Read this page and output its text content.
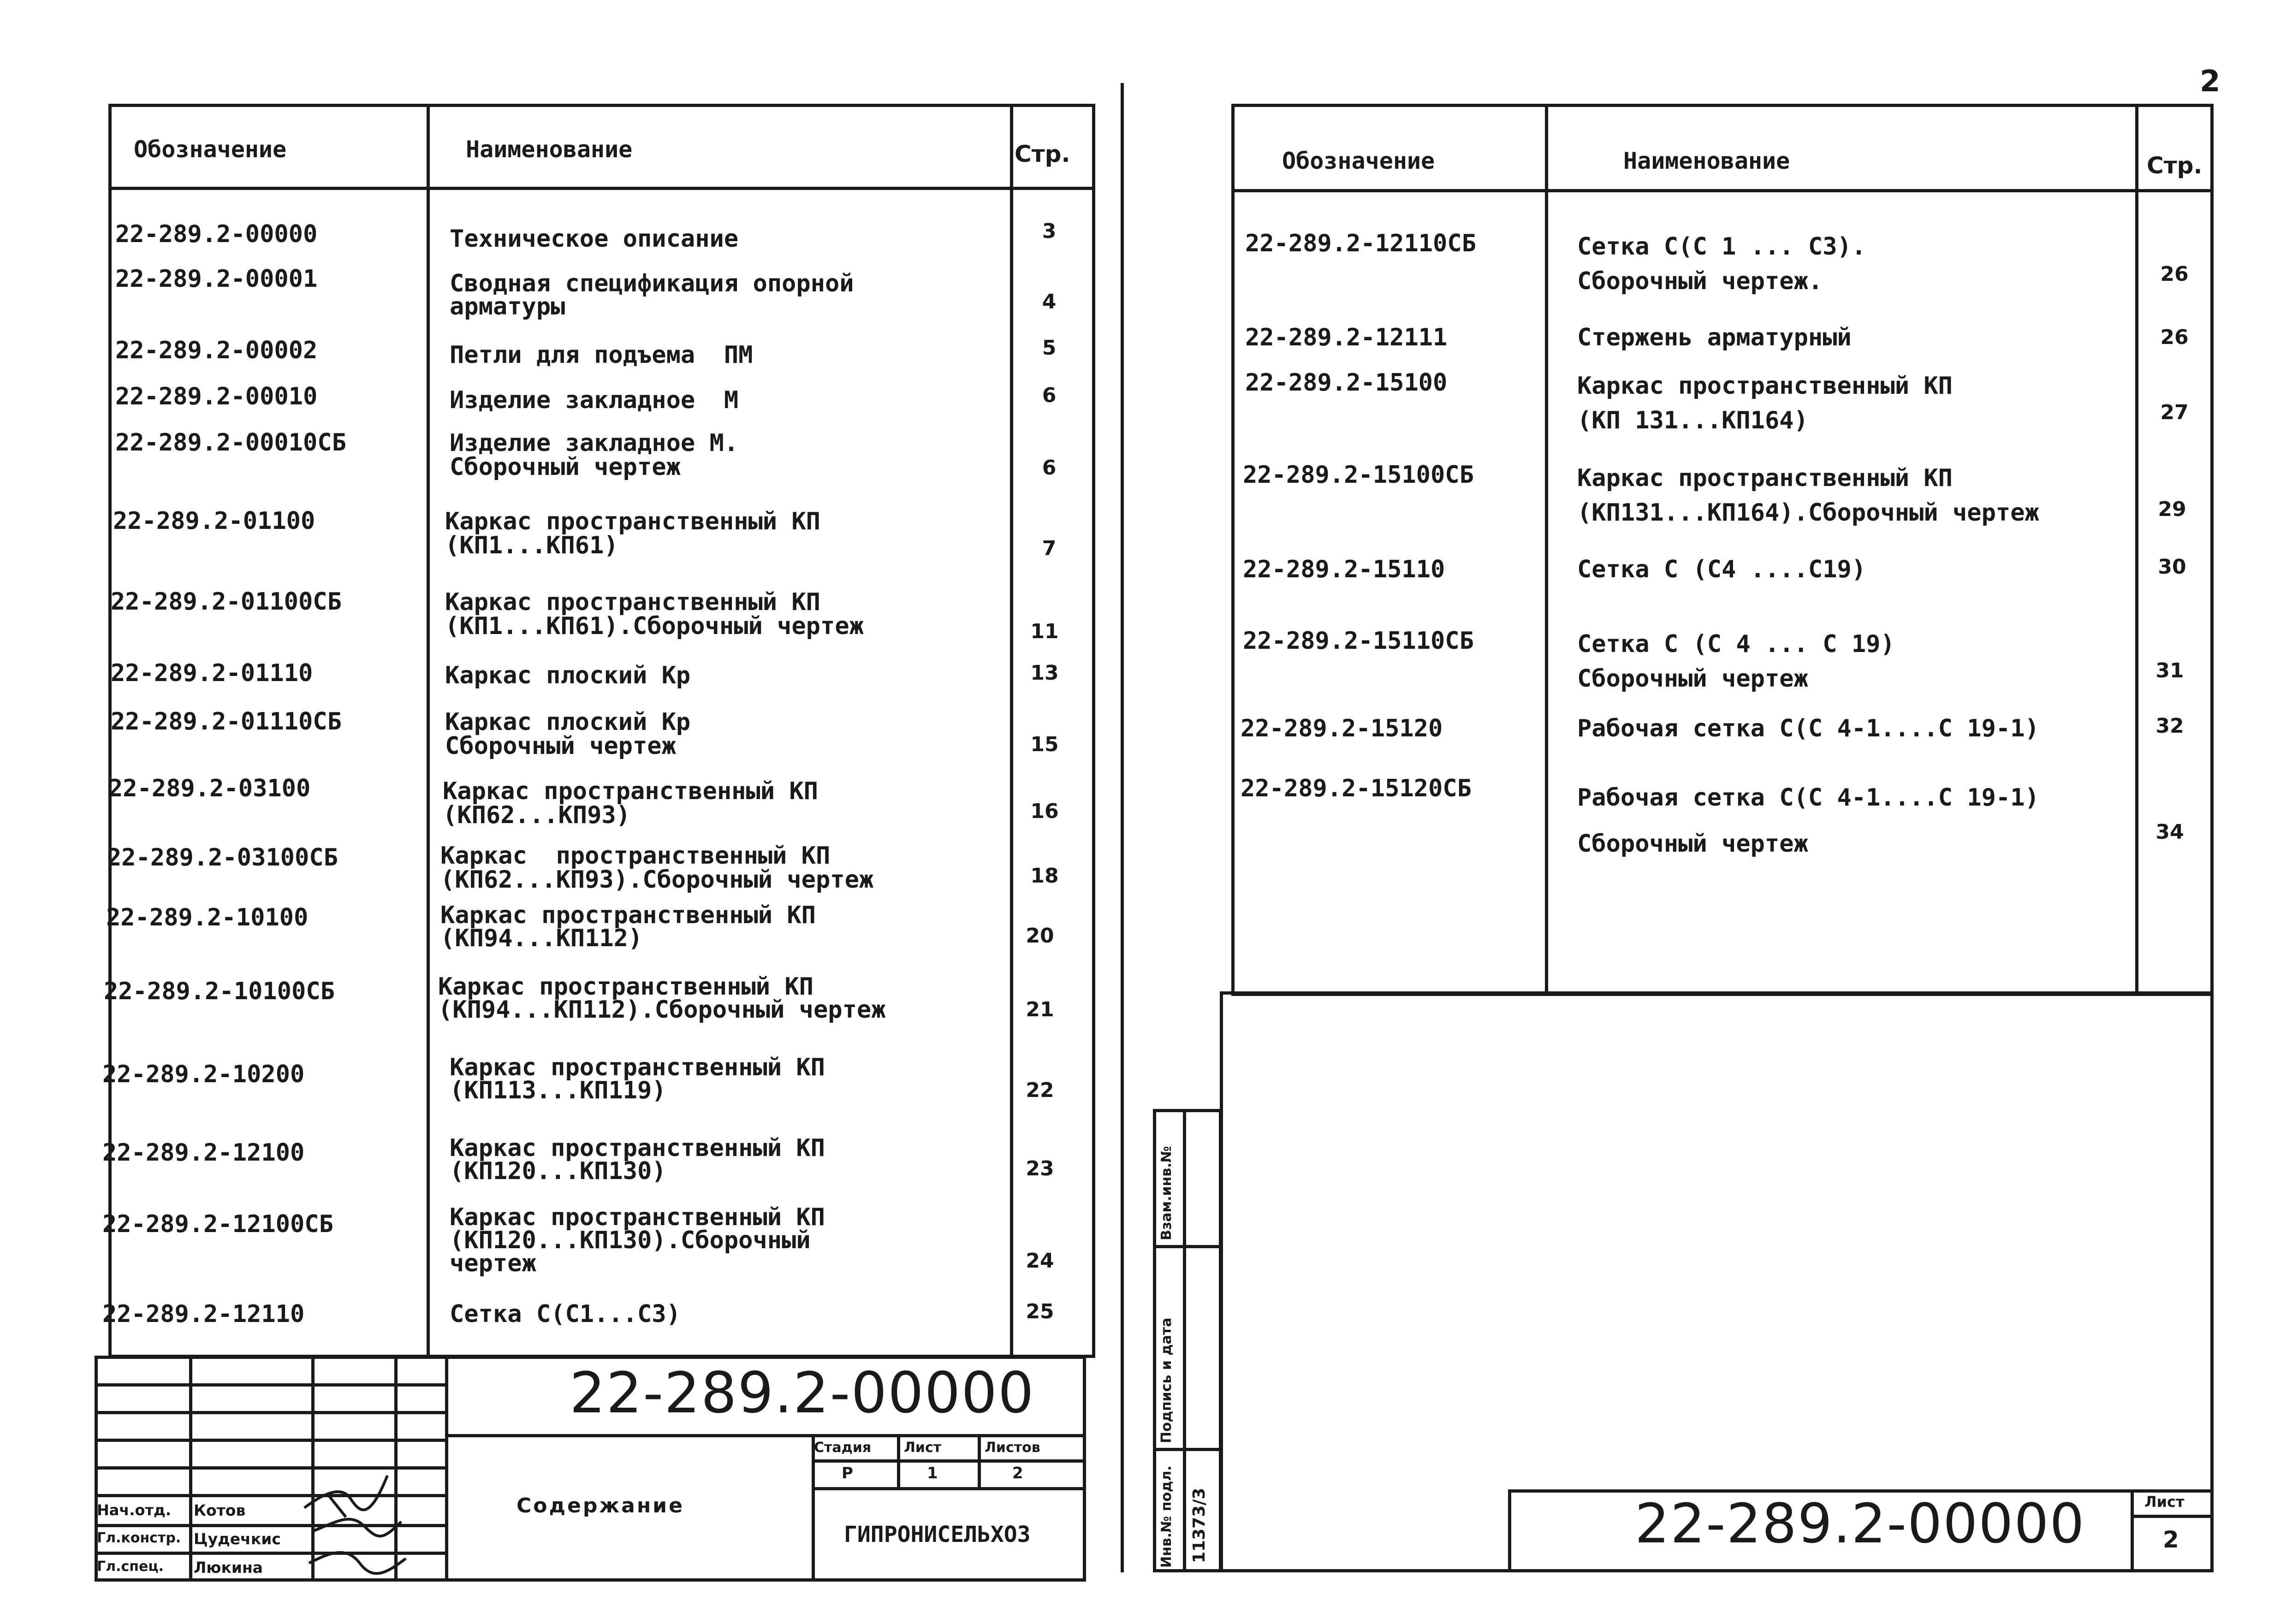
2
Обозначение	Наименование	Стр.
22-289.2-00000	Техническое описание	3
22-289.2-00001	Сводная спецификация опорной
арматуры	4
22-289.2-00002	Петли для подъема  ПМ	5
22-289.2-00010	Изделие закладное  М	6
22-289.2-00010СБ	Изделие закладное М.
Сборочный чертеж	6
22-289.2-01100	Каркас пространственный КП
(КП1...КП61)	7
22-289.2-01100СБ	Каркас пространственный КП
(КП1...КП61).Сборочный чертеж	11
22-289.2-01110	Каркас плоский Кр	13
22-289.2-01110СБ	Каркас плоский Кр
Сборочный чертеж	15
22-289.2-03100	Каркас пространственный КП
(КП62...КП93)	16
22-289.2-03100СБ	Каркас  пространственный КП
(КП62...КП93).Сборочный чертеж	18
22-289.2-10100	Каркас пространственный КП
(КП94...КП112)	20
22-289.2-10100СБ	Каркас пространственный КП
(КП94...КП112).Сборочный чертеж	21
22-289.2-10200	Каркас пространственный КП
(КП113...КП119)	22
22-289.2-12100	Каркас пространственный КП
(КП120...КП130)	23
22-289.2-12100СБ	Каркас пространственный КП
(КП120...КП130).Сборочный
чертеж	24
22-289.2-12110	Сетка С(С1...С3)	25
22-289.2-00000
Содержание
Стадия Лист	Листов
Р	1	2
ГИПРОНИСЕЛЬХОЗ
Нач.отд. Котов
Гл.констр. Цудечкис
Гл.спец. Люкина
Обозначение	Наименование	Стр.
22-289.2-12110СБ	Сетка С(С 1 ... С3).
Сборочный чертеж.	26
22-289.2-12111	Стержень арматурный	26
22-289.2-15100	Каркас пространственный КП
(КП 131...КП164)	27
22-289.2-15100СБ	Каркас пространственный КП
(КП131...КП164).Сборочный чертеж	29
22-289.2-15110	Сетка С (С4 ....С19)	30
22-289.2-15110СБ	Сетка С (С 4 ... С 19)
Сборочный чертеж	31
22-289.2-15120	Рабочая сетка С(С 4-1....С 19-1)	32
22-289.2-15120СБ	Рабочая сетка С(С 4-1....С 19-1)
Сборочный чертеж	34
22-289.2-00000	Лист
2
Взам.инв.№
Подпись и дата
Инв.№ подл. 11373/3
